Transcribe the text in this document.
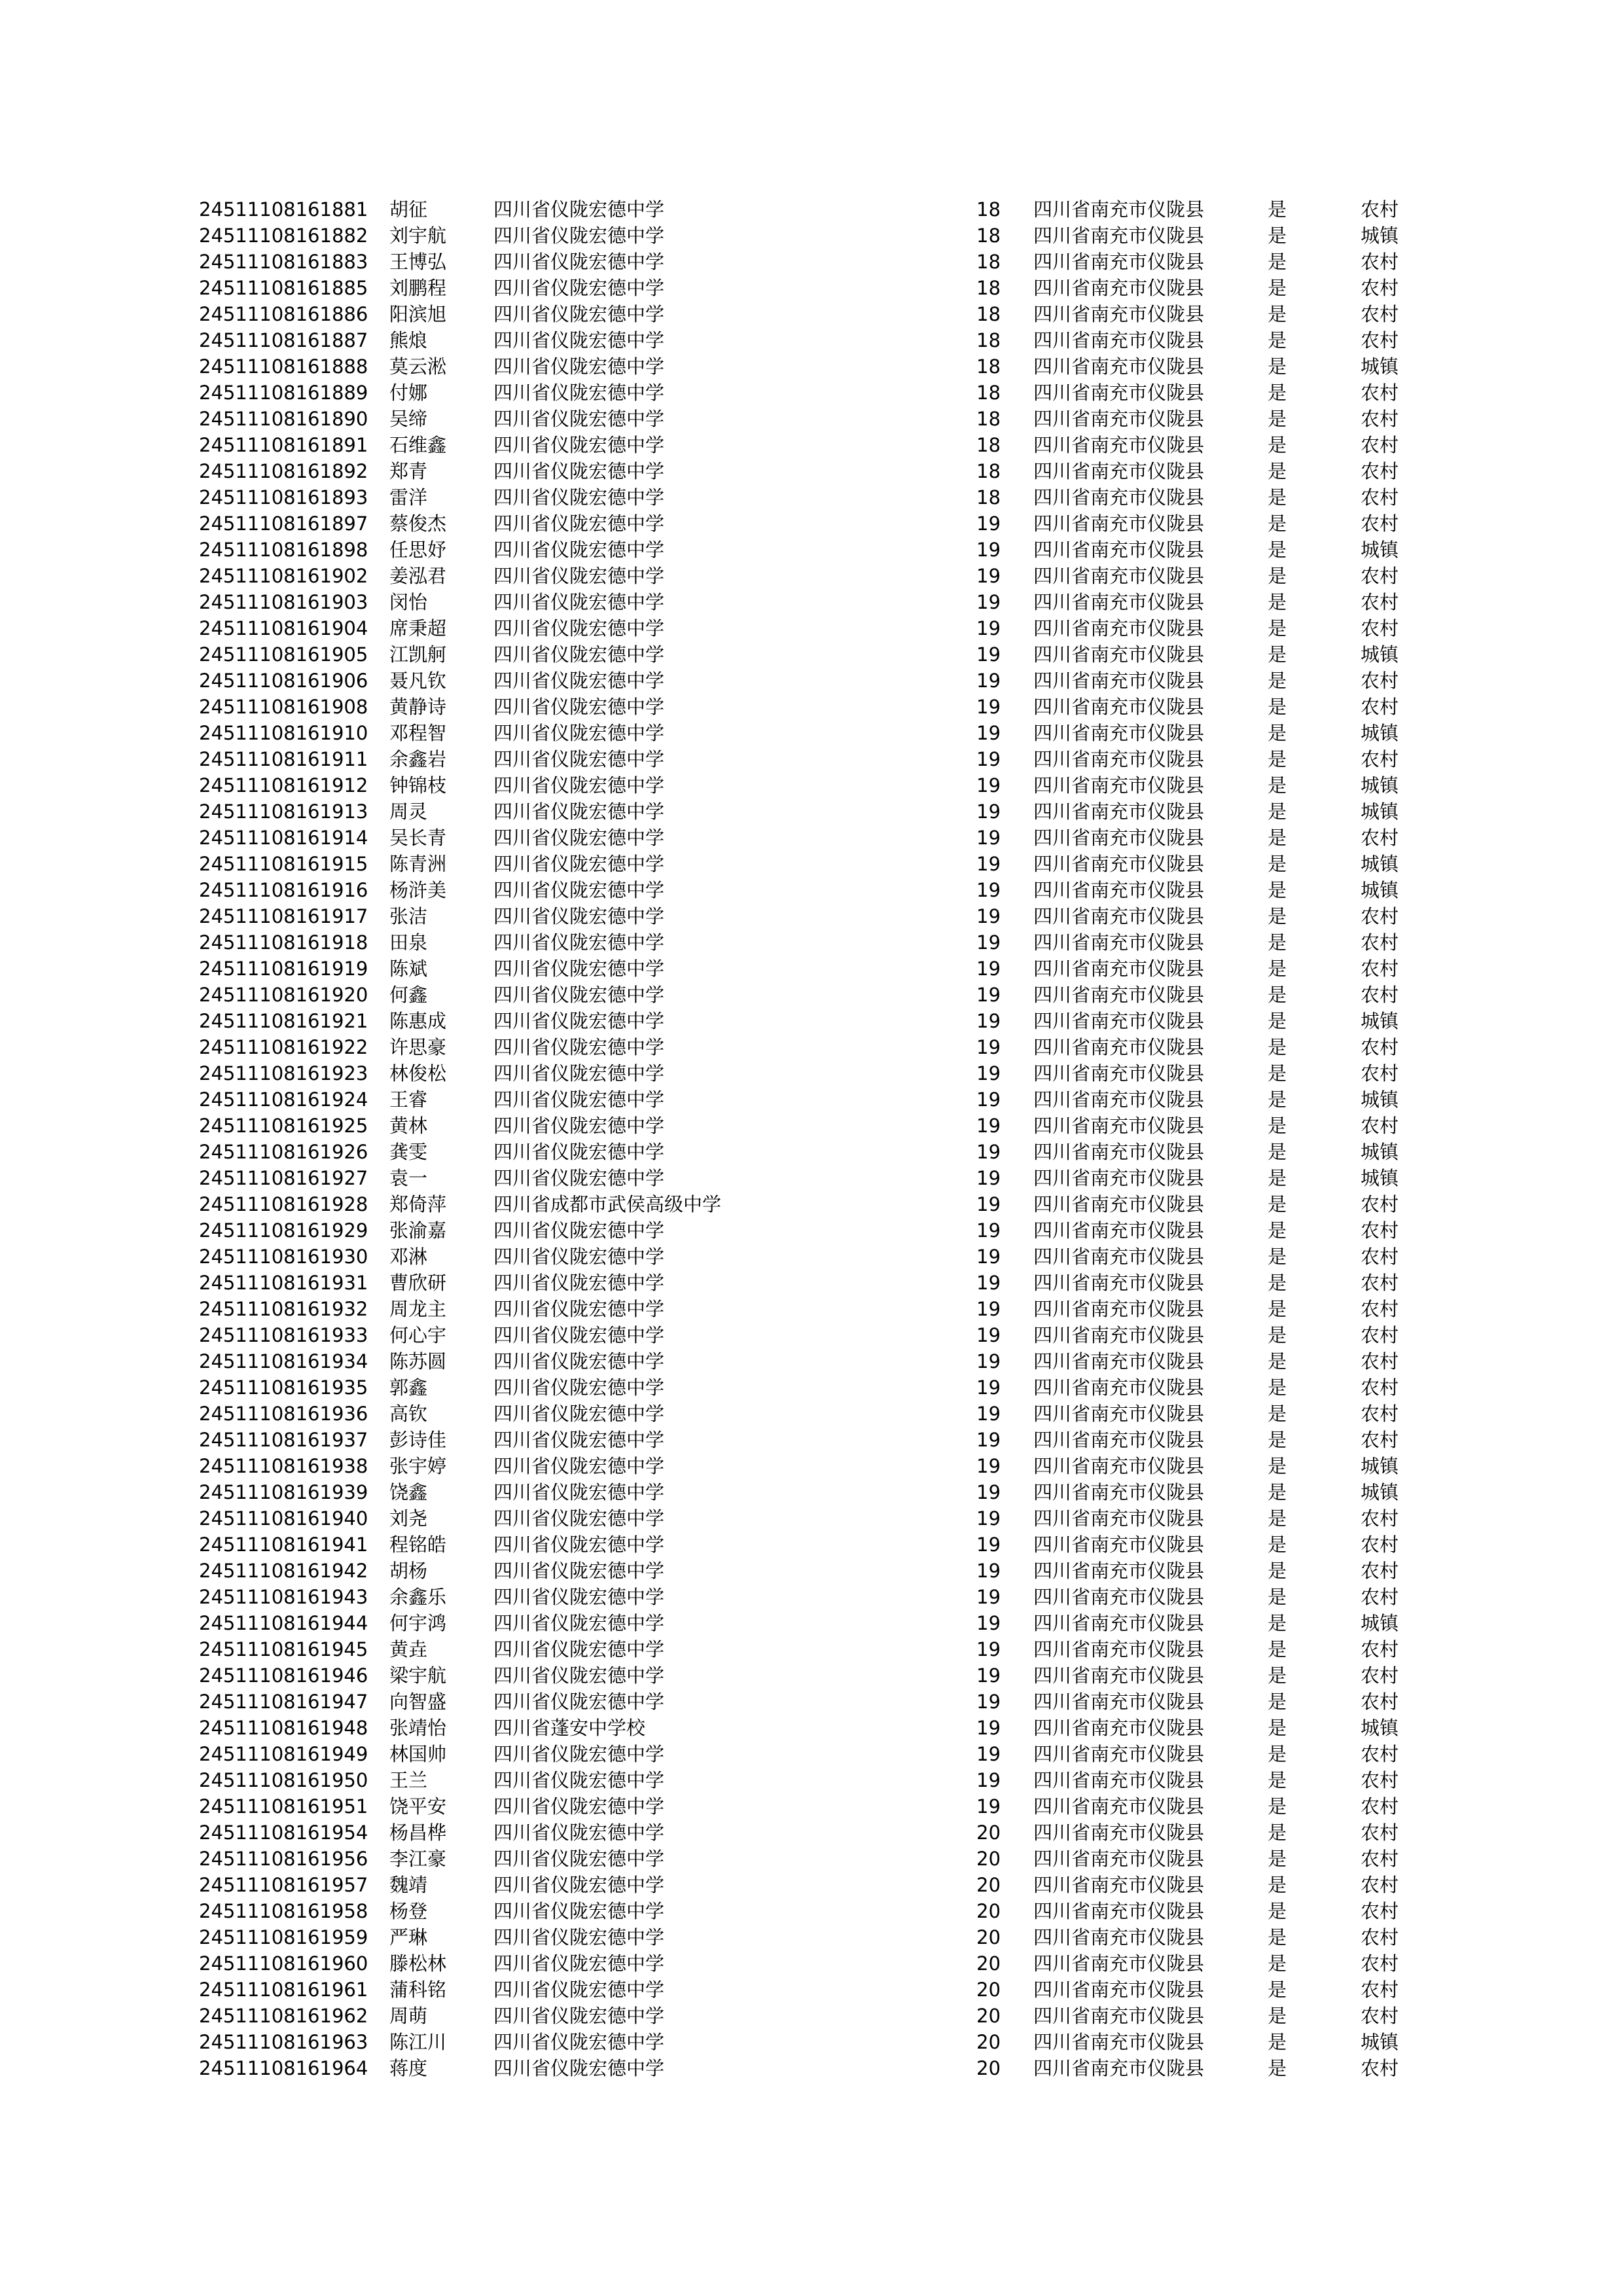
24511108161881 胡征	四川省仪陇宏德中学	18 四川省南充市仪陇县	是	农村
24511108161882 刘宇航 四川省仪陇宏德中学	18 四川省南充市仪陇县	是	城镇
24511108161883 王博弘 四川省仪陇宏德中学	18 四川省南充市仪陇县	是	农村
24511108161885 刘鹏程 四川省仪陇宏德中学	18 四川省南充市仪陇县	是	农村
24511108161886 阳滨旭 四川省仪陇宏德中学	18 四川省南充市仪陇县	是	农村
24511108161887 熊烺	四川省仪陇宏德中学	18 四川省南充市仪陇县	是	农村
24511108161888 莫云淞 四川省仪陇宏德中学	18 四川省南充市仪陇县	是	城镇
24511108161889 付娜	四川省仪陇宏德中学	18 四川省南充市仪陇县	是	农村
24511108161890 吴缔	四川省仪陇宏德中学	18 四川省南充市仪陇县	是	农村
24511108161891 石维鑫 四川省仪陇宏德中学	18 四川省南充市仪陇县	是	农村
24511108161892 郑青	四川省仪陇宏德中学	18 四川省南充市仪陇县	是	农村
24511108161893 雷洋	四川省仪陇宏德中学	18 四川省南充市仪陇县	是	农村
24511108161897 蔡俊杰 四川省仪陇宏德中学	19 四川省南充市仪陇县	是	农村
24511108161898 任思妤 四川省仪陇宏德中学	19 四川省南充市仪陇县	是	城镇
24511108161902 姜泓君 四川省仪陇宏德中学	19 四川省南充市仪陇县	是	农村
24511108161903 闵怡	四川省仪陇宏德中学	19 四川省南充市仪陇县	是	农村
24511108161904 席秉超 四川省仪陇宏德中学	19 四川省南充市仪陇县	是	农村
24511108161905 江凯舸 四川省仪陇宏德中学	19 四川省南充市仪陇县	是	城镇
24511108161906 聂凡钦 四川省仪陇宏德中学	19 四川省南充市仪陇县	是	农村
24511108161908 黄静诗 四川省仪陇宏德中学	19 四川省南充市仪陇县	是	农村
24511108161910 邓程智 四川省仪陇宏德中学	19 四川省南充市仪陇县	是	城镇
24511108161911 余鑫岩 四川省仪陇宏德中学	19 四川省南充市仪陇县	是	农村
24511108161912 钟锦枝 四川省仪陇宏德中学	19 四川省南充市仪陇县	是	城镇
24511108161913 周灵	四川省仪陇宏德中学	19 四川省南充市仪陇县	是	城镇
24511108161914 吴长青 四川省仪陇宏德中学	19 四川省南充市仪陇县	是	农村
24511108161915 陈青洲 四川省仪陇宏德中学	19 四川省南充市仪陇县	是	城镇
24511108161916 杨浒美 四川省仪陇宏德中学	19 四川省南充市仪陇县	是	城镇
24511108161917 张洁	四川省仪陇宏德中学	19 四川省南充市仪陇县	是	农村
24511108161918 田泉	四川省仪陇宏德中学	19 四川省南充市仪陇县	是	农村
24511108161919 陈斌	四川省仪陇宏德中学	19 四川省南充市仪陇县	是	农村
24511108161920 何鑫	四川省仪陇宏德中学	19 四川省南充市仪陇县	是	农村
24511108161921 陈惠成 四川省仪陇宏德中学	19 四川省南充市仪陇县	是	城镇
24511108161922 许思豪 四川省仪陇宏德中学	19 四川省南充市仪陇县	是	农村
24511108161923 林俊松 四川省仪陇宏德中学	19 四川省南充市仪陇县	是	农村
24511108161924 王睿	四川省仪陇宏德中学	19 四川省南充市仪陇县	是	城镇
24511108161925 黄林	四川省仪陇宏德中学	19 四川省南充市仪陇县	是	农村
24511108161926 龚雯	四川省仪陇宏德中学	19 四川省南充市仪陇县	是	城镇
24511108161927 袁一	四川省仪陇宏德中学	19 四川省南充市仪陇县	是	城镇
24511108161928 郑倚萍 四川省成都市武侯高级中学	19 四川省南充市仪陇县	是	农村
24511108161929 张渝嘉 四川省仪陇宏德中学	19 四川省南充市仪陇县	是	农村
24511108161930 邓淋	四川省仪陇宏德中学	19 四川省南充市仪陇县	是	农村
24511108161931 曹欣研 四川省仪陇宏德中学	19 四川省南充市仪陇县	是	农村
24511108161932 周龙主 四川省仪陇宏德中学	19 四川省南充市仪陇县	是	农村
24511108161933 何心宇 四川省仪陇宏德中学	19 四川省南充市仪陇县	是	农村
24511108161934 陈苏圆 四川省仪陇宏德中学	19 四川省南充市仪陇县	是	农村
24511108161935 郭鑫	四川省仪陇宏德中学	19 四川省南充市仪陇县	是	农村
24511108161936 高钦	四川省仪陇宏德中学	19 四川省南充市仪陇县	是	农村
24511108161937 彭诗佳 四川省仪陇宏德中学	19 四川省南充市仪陇县	是	农村
24511108161938 张宇婷 四川省仪陇宏德中学	19 四川省南充市仪陇县	是	城镇
24511108161939 饶鑫	四川省仪陇宏德中学	19 四川省南充市仪陇县	是	城镇
24511108161940 刘尧	四川省仪陇宏德中学	19 四川省南充市仪陇县	是	农村
24511108161941 程铭皓 四川省仪陇宏德中学	19 四川省南充市仪陇县	是	农村
24511108161942 胡杨	四川省仪陇宏德中学	19 四川省南充市仪陇县	是	农村
24511108161943 余鑫乐 四川省仪陇宏德中学	19 四川省南充市仪陇县	是	农村
24511108161944 何宇鸿 四川省仪陇宏德中学	19 四川省南充市仪陇县	是	城镇
24511108161945 黄垚	四川省仪陇宏德中学	19 四川省南充市仪陇县	是	农村
24511108161946 梁宇航 四川省仪陇宏德中学	19 四川省南充市仪陇县	是	农村
24511108161947 向智盛 四川省仪陇宏德中学	19 四川省南充市仪陇县	是	农村
24511108161948 张靖怡 四川省蓬安中学校	19 四川省南充市仪陇县	是	城镇
24511108161949 林国帅 四川省仪陇宏德中学	19 四川省南充市仪陇县	是	农村
24511108161950 王兰	四川省仪陇宏德中学	19 四川省南充市仪陇县	是	农村
24511108161951 饶平安 四川省仪陇宏德中学	19 四川省南充市仪陇县	是	农村
24511108161954 杨昌桦 四川省仪陇宏德中学	20 四川省南充市仪陇县	是	农村
24511108161956 李江豪 四川省仪陇宏德中学	20 四川省南充市仪陇县	是	农村
24511108161957 魏靖	四川省仪陇宏德中学	20 四川省南充市仪陇县	是	农村
24511108161958 杨登	四川省仪陇宏德中学	20 四川省南充市仪陇县	是	农村
24511108161959 严琳	四川省仪陇宏德中学	20 四川省南充市仪陇县	是	农村
24511108161960 滕松林 四川省仪陇宏德中学	20 四川省南充市仪陇县	是	农村
24511108161961 蒲科铭 四川省仪陇宏德中学	20 四川省南充市仪陇县	是	农村
24511108161962 周萌	四川省仪陇宏德中学	20 四川省南充市仪陇县	是	农村
24511108161963 陈江川 四川省仪陇宏德中学	20 四川省南充市仪陇县	是	城镇
24511108161964 蒋度	四川省仪陇宏德中学	20 四川省南充市仪陇县	是	农村
